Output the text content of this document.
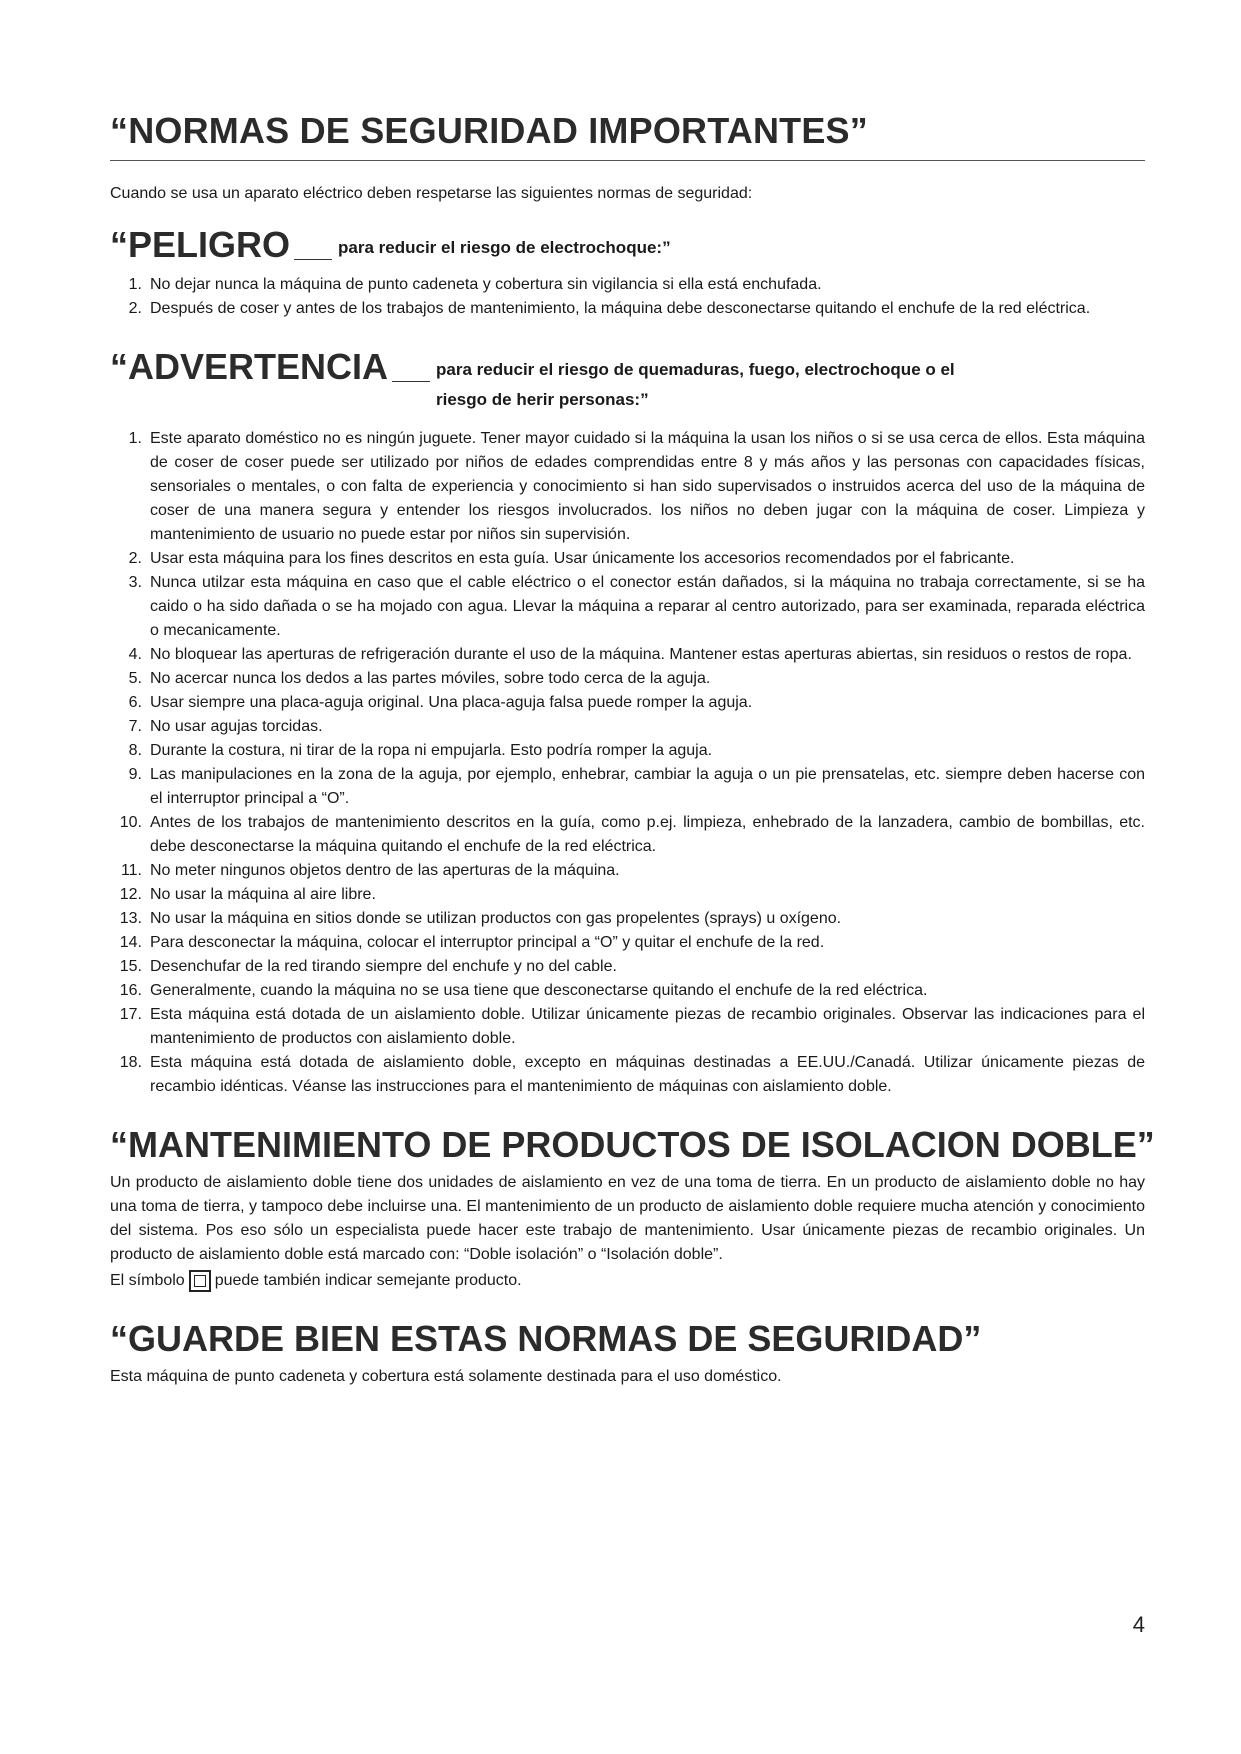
“NORMAS DE SEGURIDAD IMPORTANTES”

Cuando se usa un aparato eléctrico deben respetarse las siguientes normas de seguridad:

“PELIGRO	para reducir el riesgo de electrochoque:”
1. No dejar nunca la máquina de punto cadeneta y cobertura sin vigilancia si ella está enchufada.
2. Después de coser y antes de los trabajos de mantenimiento, la máquina debe desconectarse quitando el enchufe de la red eléctrica.
“ADVERTENCIA	para reducir el riesgo de quemaduras, fuego, electrochoque o el
riesgo de herir personas:”
1. Este aparato doméstico no es ningún juguete. Tener mayor cuidado si la máquina la usan los niños o si se usa cerca de ellos. Esta máquina de coser de coser puede ser utilizado por niños de edades comprendidas entre 8 y más años y las personas con capacidades físicas, sensoriales o mentales, o con falta de experiencia y conocimiento si han sido supervisados o instruidos acerca del uso de la máquina de coser de una manera segura y entender los riesgos involucrados. los niños no deben jugar con la máquina de coser. Limpieza y mantenimiento de usuario no puede estar por niños sin supervisión.
2. Usar esta máquina para los fines descritos en esta guía. Usar únicamente los accesorios recomendados por el fabricante.
3. Nunca utilzar esta máquina en caso que el cable eléctrico o el conector están dañados, si la máquina no trabaja correctamente, si se ha caido o ha sido dañada o se ha mojado con agua. Llevar la máquina a reparar al centro autorizado, para ser examinada, reparada eléctrica o mecanicamente.
4. No bloquear las aperturas de refrigeración durante el uso de la máquina. Mantener estas aperturas abiertas, sin residuos o restos de ropa.
5. No acercar nunca los dedos a las partes móviles, sobre todo cerca de la aguja.
6. Usar siempre una placa-aguja original. Una placa-aguja falsa puede romper la aguja.
7. No usar agujas torcidas.
8. Durante la costura, ni tirar de la ropa ni empujarla. Esto podría romper la aguja.
9. Las manipulaciones en la zona de la aguja, por ejemplo, enhebrar, cambiar la aguja o un pie prensatelas, etc. siempre deben hacerse con el interruptor principal a “O”.
10. Antes de los trabajos de mantenimiento descritos en la guía, como p.ej. limpieza, enhebrado de la lanzadera, cambio de bombillas, etc. debe desconectarse la máquina quitando el enchufe de la red eléctrica.
11. No meter ningunos objetos dentro de las aperturas de la máquina.
12. No usar la máquina al aire libre.
13. No usar la máquina en sitios donde se utilizan productos con gas propelentes (sprays) u oxígeno.
14. Para desconectar la máquina, colocar el interruptor principal a “O” y quitar el enchufe de la red.
15. Desenchufar de la red tirando siempre del enchufe y no del cable.
16. Generalmente, cuando la máquina no se usa tiene que desconectarse quitando el enchufe de la red eléctrica.
17. Esta máquina está dotada de un aislamiento doble. Utilizar únicamente piezas de recambio originales. Observar las indicaciones para el mantenimiento de productos con aislamiento doble.
18. Esta máquina está dotada de aislamiento doble, excepto en máquinas destinadas a EE.UU./Canadá. Utilizar únicamente piezas de recambio idénticas. Véanse las instrucciones para el mantenimiento de máquinas con aislamiento doble.
“MANTENIMIENTO DE PRODUCTOS DE ISOLACION DOBLE”

Un producto de aislamiento doble tiene dos unidades de aislamiento en vez de una toma de tierra. En un producto de aislamiento doble no hay una toma de tierra, y tampoco debe incluirse una. El mantenimiento de un producto de aislamiento doble requiere mucha atención y conocimiento del sistema. Pos eso sólo un especialista puede hacer este trabajo de mantenimiento. Usar únicamente piezas de recambio originales. Un producto de aislamiento doble está marcado con: “Doble isolación” o “Isolación doble”.

El símbolo puede también indicar semejante producto.

“GUARDE BIEN ESTAS NORMAS DE SEGURIDAD”

Esta máquina de punto cadeneta y cobertura está solamente destinada para el uso doméstico.

4
